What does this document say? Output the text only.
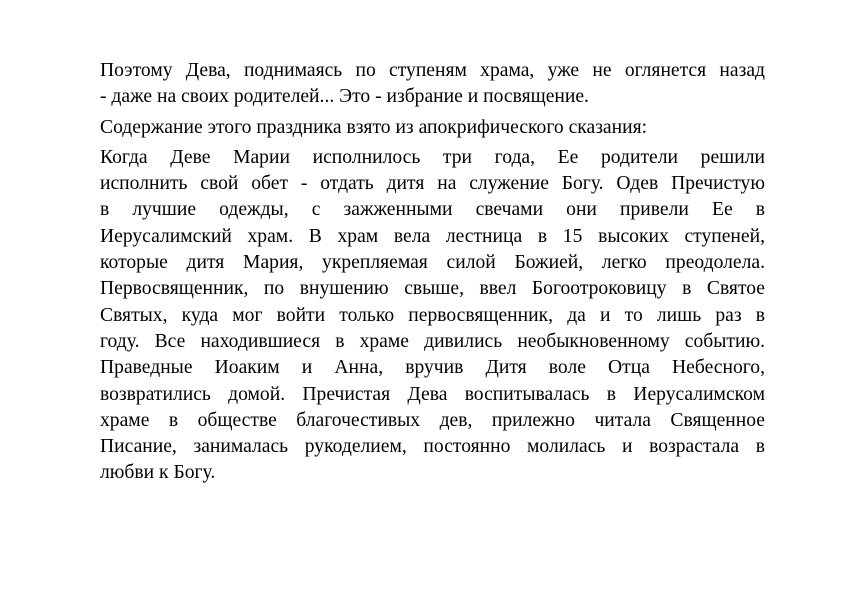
Поэтому Дева, поднимаясь по ступеням храма, уже не оглянется назад
- даже на своих родителей... Это - избрание и посвящение.

Содержание этого праздника взято из апокрифического сказания:

Когда Деве Марии исполнилось три года, Ее родители решили
исполнить свой обет - отдать дитя на служение Богу. Одев Пречистую
в лучшие одежды, с зажженными свечами они привели Ее в
Иерусалимский храм. В храм вела лестница в 15 высоких ступеней,
которые дитя Мария, укрепляемая силой Божией, легко преодолела.
Первосвященник, по внушению свыше, ввел Богоотроковицу в Святое
Святых, куда мог войти только первосвященник, да и то лишь раз в
году. Все находившиеся в храме дивились необыкновенному событию.
Праведные Иоаким и Анна, вручив Дитя воле Отца Небесного,
возвратились домой. Пречистая Дева воспитывалась в Иерусалимском
храме в обществе благочестивых дев, прилежно читала Священное
Писание, занималась рукоделием, постоянно молилась и возрастала в
любви к Богу.
